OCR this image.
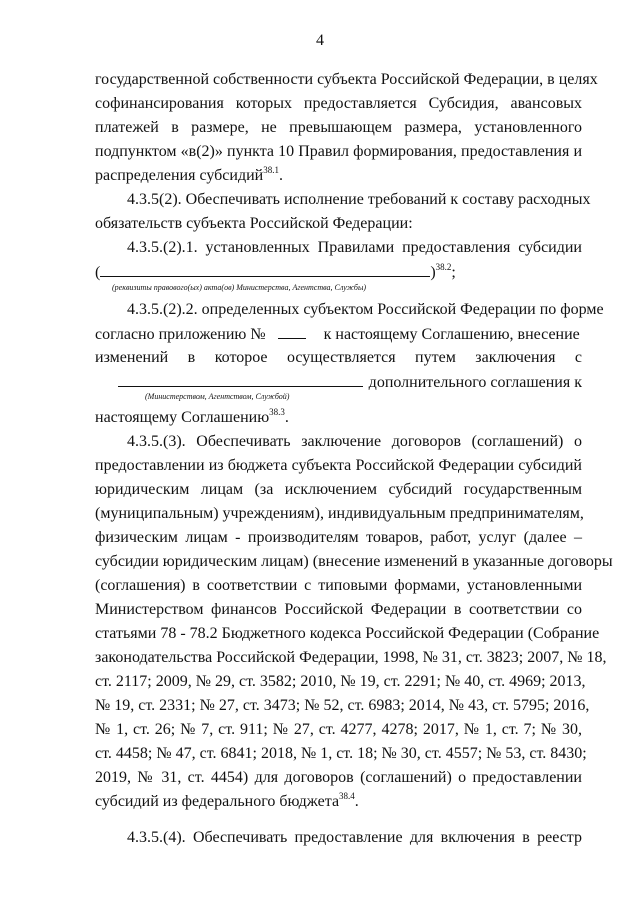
4
государственной собственности субъекта Российской Федерации, в целях
софинансирования которых предоставляется Субсидия, авансовых
платежей в размере, не превышающем размера, установленного
подпунктом «в(2)» пункта 10 Правил формирования, предоставления и
распределения субсидий$^{38.1}$.
4.3.5(2). Обеспечивать исполнение требований к составу расходных
обязательств субъекта Российской Федерации:
4.3.5.(2).1. установленных Правилами предоставления субсидии
(	)$^{38.2}$;
(реквизиты правового(ых) акта(ов) Министерства, Агентства, Службы)
4.3.5.(2).2. определенных субъектом Российской Федерации по форме
согласно приложению №	к настоящему Соглашению, внесение
изменений в которое осуществляется путем заключения с
дополнительного соглашения к
(Министерством, Агентством, Службой)
настоящему Соглашению$^{38.3}$.
4.3.5.(3). Обеспечивать заключение договоров (соглашений) о
предоставлении из бюджета субъекта Российской Федерации субсидий
юридическим лицам (за исключением субсидий государственным
(муниципальным) учреждениям), индивидуальным предпринимателям,
физическим лицам - производителям товаров, работ, услуг (далее –
субсидии юридическим лицам) (внесение изменений в указанные договоры
(соглашения) в соответствии с типовыми формами, установленными
Министерством финансов Российской Федерации в соответствии со
статьями 78 - 78.2 Бюджетного кодекса Российской Федерации (Собрание
законодательства Российской Федерации, 1998, № 31, ст. 3823; 2007, № 18,
ст. 2117; 2009, № 29, ст. 3582; 2010, № 19, ст. 2291; № 40, ст. 4969; 2013,
№ 19, ст. 2331; № 27, ст. 3473; № 52, ст. 6983; 2014, № 43, ст. 5795; 2016,
№ 1, ст. 26; № 7, ст. 911; № 27, ст. 4277, 4278; 2017, № 1, ст. 7; № 30,
ст. 4458; № 47, ст. 6841; 2018, № 1, ст. 18; № 30, ст. 4557; № 53, ст. 8430;
2019, № 31, ст. 4454) для договоров (соглашений) о предоставлении
субсидий из федерального бюджета$^{38.4}$.
4.3.5.(4). Обеспечивать предоставление для включения в реестр
